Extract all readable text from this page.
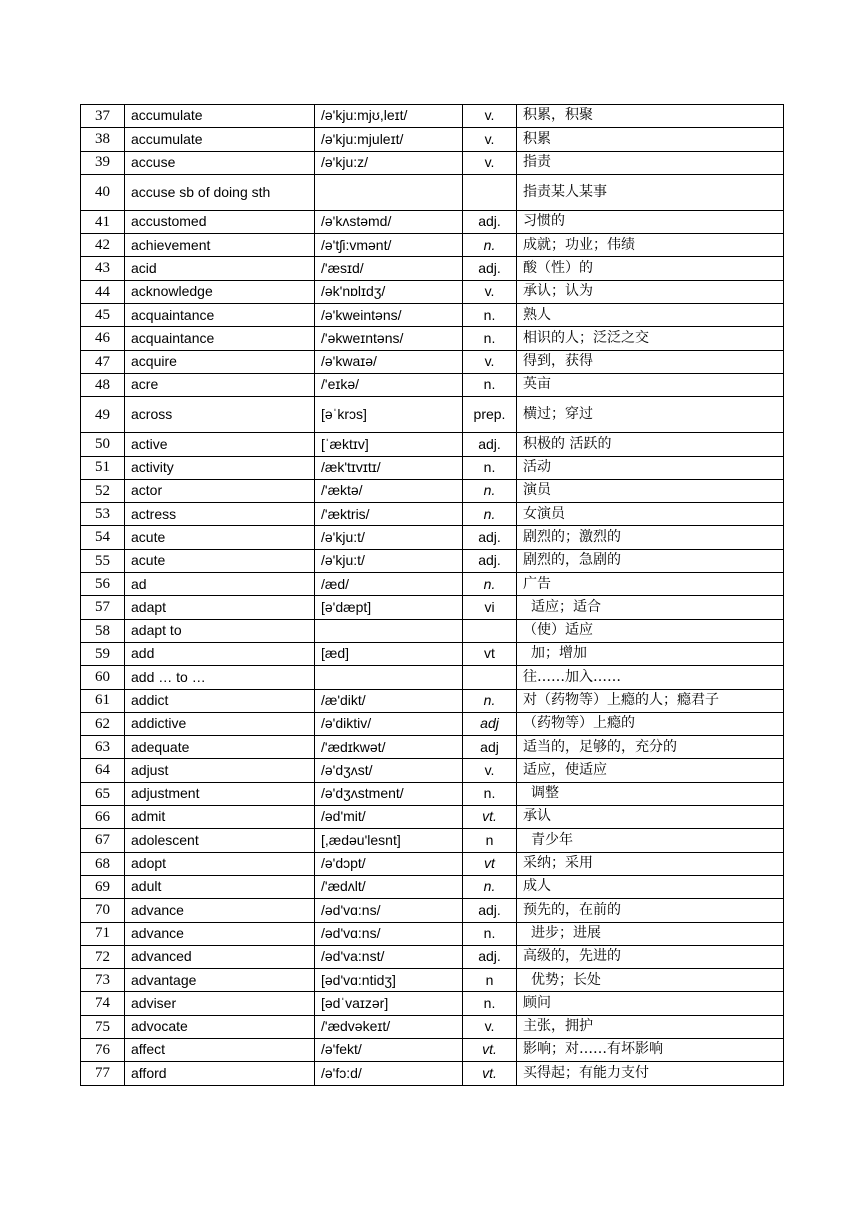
37	accumulate	/ə'kju:mjʊ,leɪt/	v.	积累，积聚
38	accumulate	/ə'kju:mjuleɪt/	v.	积累
39	accuse	/ə'kju:z/	v.	指责
40	accuse sb of doing sth			指责某人某事
41	accustomed	/ə'kʌstəmd/	adj.	习惯的
42	achievement	/ə'tʃi:vmənt/	n.	成就；功业；伟绩
43	acid	/'æsɪd/	adj.	酸（性）的
44	acknowledge	/ək'nɒlɪdʒ/	v.	承认；认为
45	acquaintance	/ə'kweintəns/	n.	熟人
46	acquaintance	/'əkweɪntəns/	n.	相识的人；泛泛之交
47	acquire	/ə'kwaɪə/	v.	得到，获得
48	acre	/'eɪkə/	n.	英亩
49	across	[əˈkrɔs]	prep.	横过；穿过
50	active	[ˈæktɪv]	adj.	积极的 活跃的
51	activity	/æk'tɪvɪtɪ/	n.	活动
52	actor	/'æktə/	n.	演员
53	actress	/'æktris/	n.	女演员
54	acute	/ə'kju:t/	adj.	剧烈的；激烈的
55	acute	/ə'kju:t/	adj.	剧烈的，急剧的
56	ad	/æd/	n.	广告
57	adapt	[ə'dæpt]	vi	适应；适合
58	adapt to			（使）适应
59	add	[æd]	vt	加；增加
60	add … to …			往……加入……
61	addict	/æ'dikt/	n.	对（药物等）上瘾的人；瘾君子
62	addictive	/ə'diktiv/	adj	（药物等）上瘾的
63	adequate	/'ædɪkwət/	adj	适当的，足够的，充分的
64	adjust	/ə'dʒʌst/	v.	适应，使适应
65	adjustment	/ə'dʒʌstment/	n.	调整
66	admit	/əd'mit/	vt.	承认
67	adolescent	[,ædəu'lesnt]	n	青少年
68	adopt	/ə'dɔpt/	vt	采纳；采用
69	adult	/'ædʌlt/	n.	成人
70	advance	/əd'vɑ:ns/	adj.	预先的，在前的
71	advance	/əd'vɑ:ns/	n.	进步；进展
72	advanced	/əd'va:nst/	adj.	高级的，先进的
73	advantage	[əd'vɑ:ntidʒ]	n	优势；长处
74	adviser	[ədˈvaɪzər]	n.	顾问
75	advocate	/'ædvəkeɪt/	v.	主张，拥护
76	affect	/ə'fekt/	vt.	影响；对……有坏影响
77	afford	/ə'fɔ:d/	vt.	买得起；有能力支付
